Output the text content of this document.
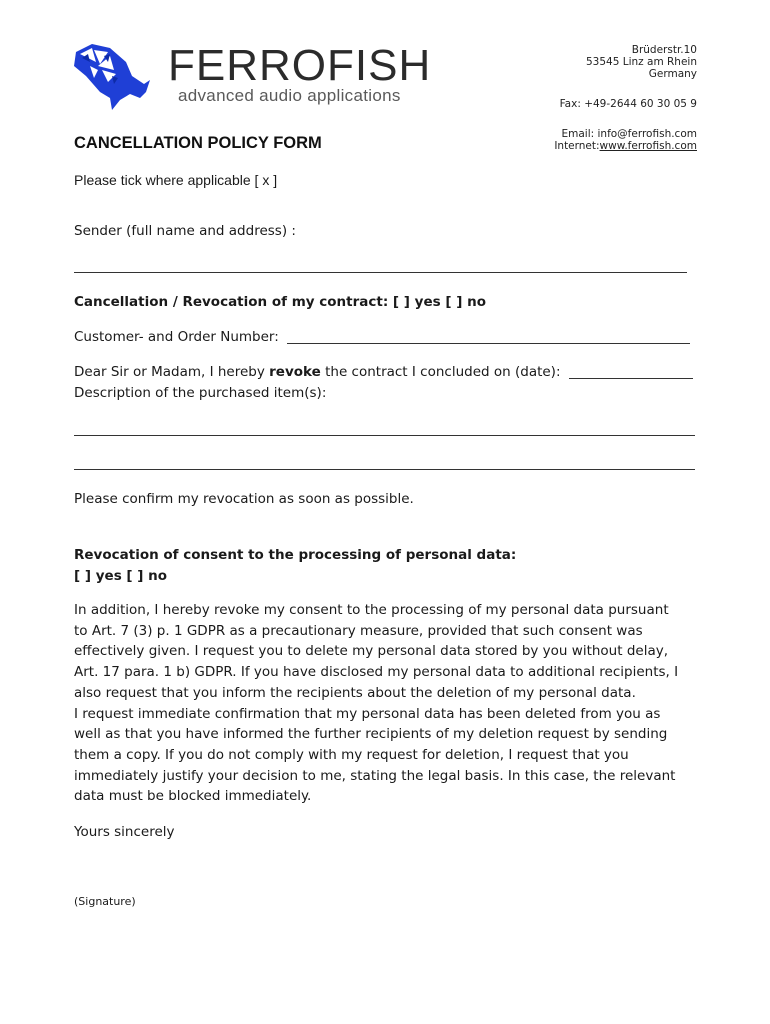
FERROFISH
advanced audio applications
Brüderstr.10
53545 Linz am Rhein
Germany
Fax: +49-2644 60 30 05 9
Email: info@ferrofish.com
Internet:www.ferrofish.com
CANCELLATION POLICY FORM
Please tick where applicable [ x ]
Sender (full name and address) :
Cancellation / Revocation of my contract: [ ] yes [ ] no
Customer- and Order Number:
Dear Sir or Madam, I hereby revoke the contract I concluded on (date):
Description of the purchased item(s):
Please confirm my revocation as soon as possible.
Revocation of consent to the processing of personal data:
[ ] yes [ ] no
In addition, I hereby revoke my consent to the processing of my personal data pursuant
to Art. 7 (3) p. 1 GDPR as a precautionary measure, provided that such consent was
effectively given. I request you to delete my personal data stored by you without delay,
Art. 17 para. 1 b) GDPR. If you have disclosed my personal data to additional recipients, I
also request that you inform the recipients about the deletion of my personal data.
I request immediate confirmation that my personal data has been deleted from you as
well as that you have informed the further recipients of my deletion request by sending
them a copy. If you do not comply with my request for deletion, I request that you
immediately justify your decision to me, stating the legal basis. In this case, the relevant
data must be blocked immediately.
Yours sincerely
(Signature)
